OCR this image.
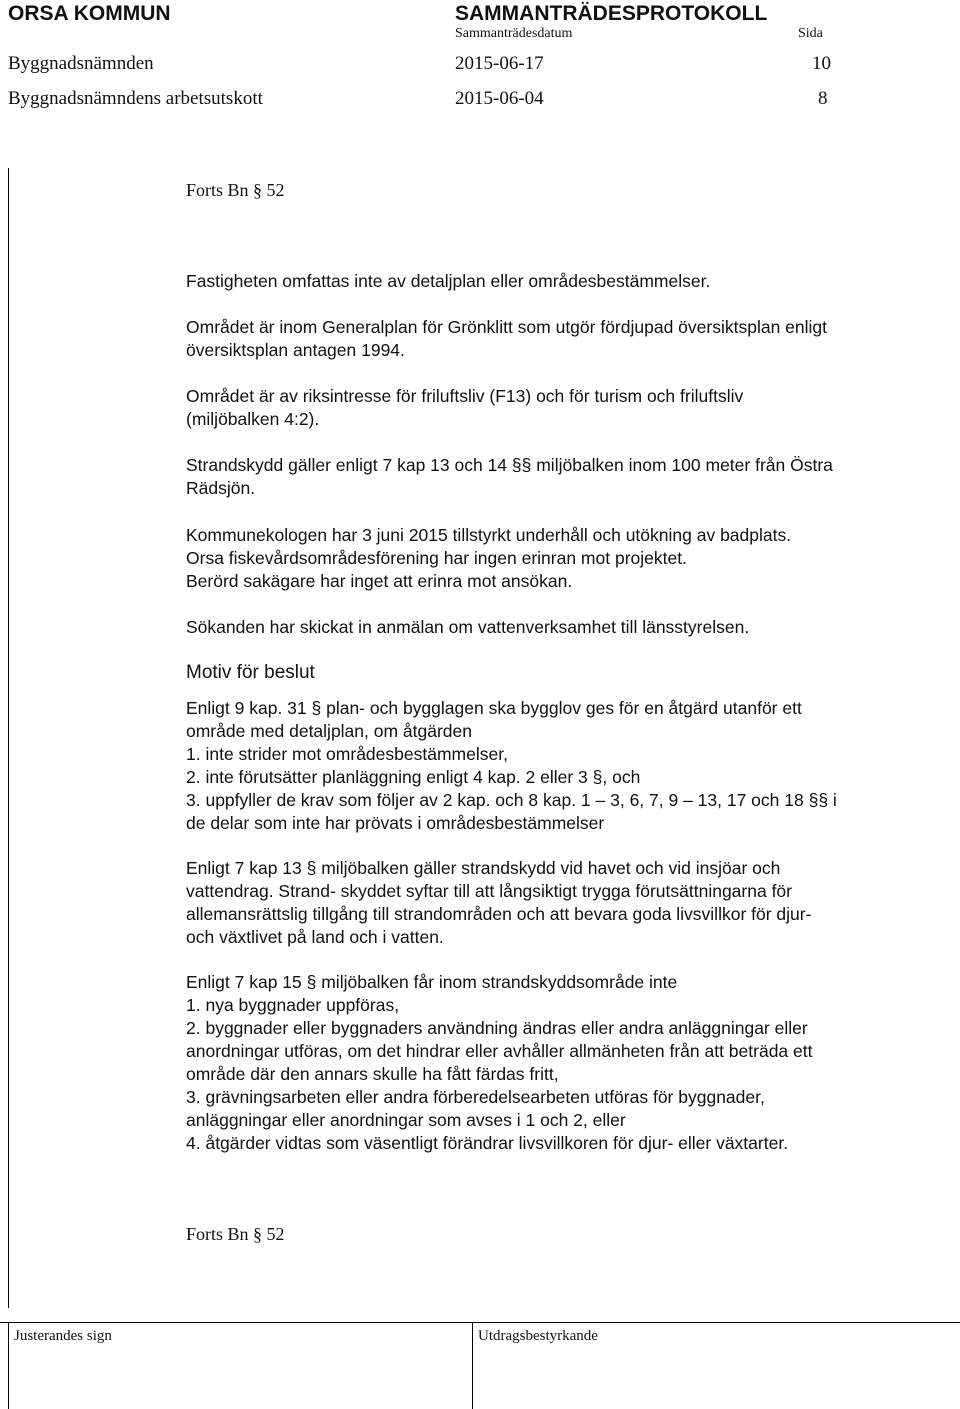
ORSA KOMMUN	SAMMANTRÄDESPROTOKOLL
Sammanträdesdatum	Sida
Byggnadsnämnden	2015-06-17	10
Byggnadsnämndens arbetsutskott	2015-06-04	8
Forts Bn § 52
Fastigheten omfattas inte av detaljplan eller områdesbestämmelser.
Området är inom Generalplan för Grönklitt som utgör fördjupad översiktsplan enligt
översiktsplan antagen 1994.
Området är av riksintresse för friluftsliv (F13) och för turism och friluftsliv
(miljöbalken 4:2).
Strandskydd gäller enligt 7 kap 13 och 14 §§ miljöbalken inom 100 meter från Östra
Rädsjön.
Kommunekologen har 3 juni 2015 tillstyrkt underhåll och utökning av badplats.
Orsa fiskevårdsområdesförening har ingen erinran mot projektet.
Berörd sakägare har inget att erinra mot ansökan.
Sökanden har skickat in anmälan om vattenverksamhet till länsstyrelsen.
Motiv för beslut
Enligt 9 kap. 31 § plan- och bygglagen ska bygglov ges för en åtgärd utanför ett
område med detaljplan, om åtgärden
1. inte strider mot områdesbestämmelser,
2. inte förutsätter planläggning enligt 4 kap. 2 eller 3 §, och
3. uppfyller de krav som följer av 2 kap. och 8 kap. 1 – 3, 6, 7, 9 – 13, 17 och 18 §§ i
de delar som inte har prövats i områdesbestämmelser
Enligt 7 kap 13 § miljöbalken gäller strandskydd vid havet och vid insjöar och
vattendrag. Strand- skyddet syftar till att långsiktigt trygga förutsättningarna för
allemansrättslig tillgång till strandområden och att bevara goda livsvillkor för djur-
och växtlivet på land och i vatten.
Enligt 7 kap 15 § miljöbalken får inom strandskyddsområde inte
1. nya byggnader uppföras,
2. byggnader eller byggnaders användning ändras eller andra anläggningar eller
anordningar utföras, om det hindrar eller avhåller allmänheten från att beträda ett
område där den annars skulle ha fått färdas fritt,
3. grävningsarbeten eller andra förberedelsearbeten utföras för byggnader,
anläggningar eller anordningar som avses i 1 och 2, eller
4. åtgärder vidtas som väsentligt förändrar livsvillkoren för djur- eller växtarter.
Forts Bn § 52
Justerandes sign	Utdragsbestyrkande
